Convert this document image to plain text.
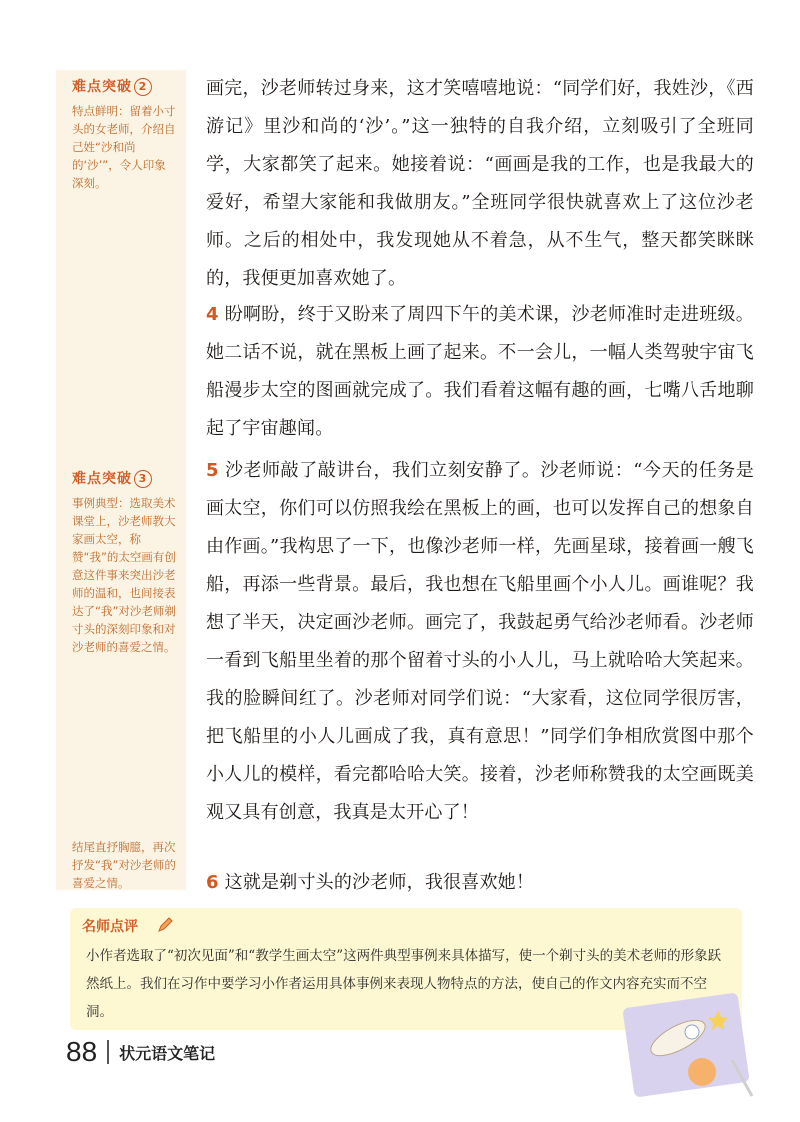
难点突破 2
特点鲜明：留着小寸头的女老师，介绍自己姓“沙和尚的‘沙’”，令人印象深刻。
难点突破 3
事例典型：选取美术课堂上，沙老师教大家画太空，称赞“我”的太空画有创意这件事来突出沙老师的温和，也间接表达了“我”对沙老师剃寸头的深刻印象和对沙老师的喜爱之情。
结尾直抒胸臆，再次抒发“我”对沙老师的喜爱之情。

画完，沙老师转过身来，这才笑嘻嘻地说：“同学们好，我姓沙，《西游记》里沙和尚的‘沙’。”这一独特的自我介绍，立刻吸引了全班同学，大家都笑了起来。她接着说：“画画是我的工作，也是我最大的爱好，希望大家能和我做朋友。”全班同学很快就喜欢上了这位沙老师。之后的相处中，我发现她从不着急，从不生气，整天都笑眯眯的，我便更加喜欢她了。

4 盼啊盼，终于又盼来了周四下午的美术课，沙老师准时走进班级。她二话不说，就在黑板上画了起来。不一会儿，一幅人类驾驶宇宙飞船漫步太空的图画就完成了。我们看着这幅有趣的画，七嘴八舌地聊起了宇宙趣闻。

5 沙老师敲了敲讲台，我们立刻安静了。沙老师说：“今天的任务是画太空，你们可以仿照我绘在黑板上的画，也可以发挥自己的想象自由作画。”我构思了一下，也像沙老师一样，先画星球，接着画一艘飞船，再添一些背景。最后，我也想在飞船里画个小人儿。画谁呢？我想了半天，决定画沙老师。画完了，我鼓起勇气给沙老师看。沙老师一看到飞船里坐着的那个留着寸头的小人儿，马上就哈哈大笑起来。我的脸瞬间红了。沙老师对同学们说：“大家看，这位同学很厉害，把飞船里的小人儿画成了我，真有意思！”同学们争相欣赏图中那个小人儿的模样，看完都哈哈大笑。接着，沙老师称赞我的太空画既美观又具有创意，我真是太开心了！

6 这就是剃寸头的沙老师，我很喜欢她！

名师点评
小作者选取了“初次见面”和“教学生画太空”这两件典型事例来具体描写，使一个剃寸头的美术老师的形象跃然纸上。我们在习作中要学习小作者运用具体事例来表现人物特点的方法，使自己的作文内容充实而不空洞。
88 状元语文笔记
